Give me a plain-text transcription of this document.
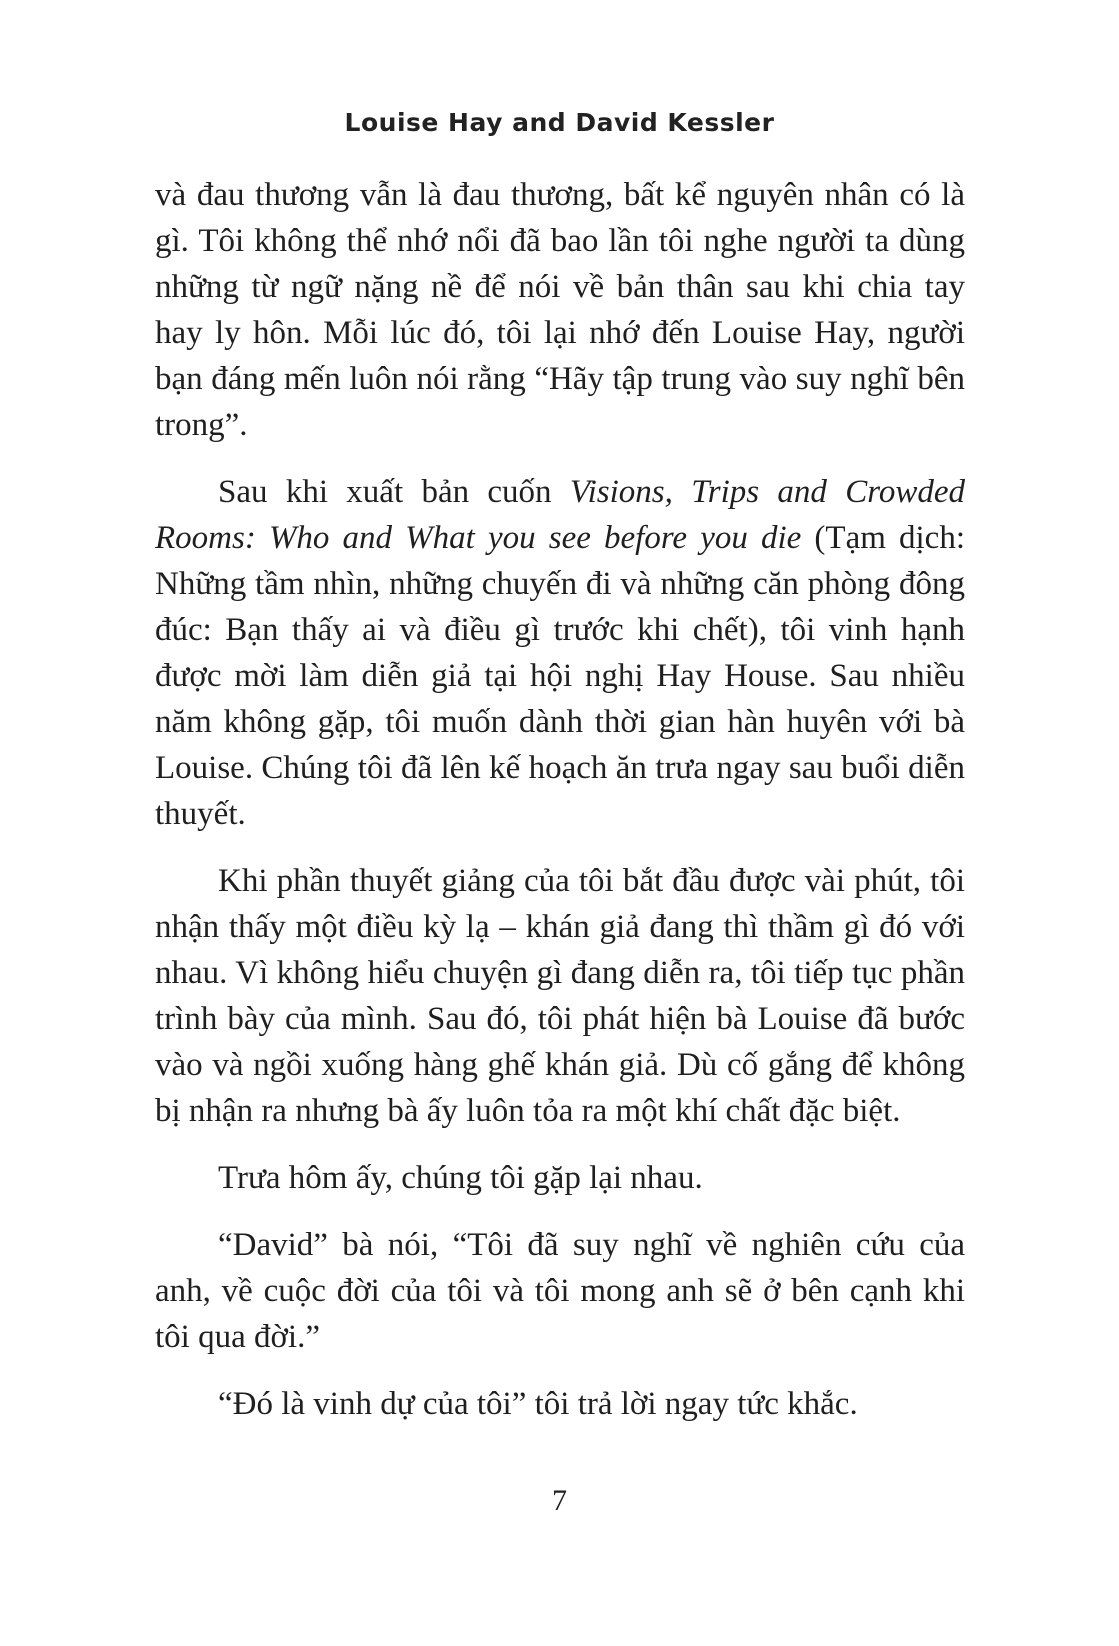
Louise Hay and David Kessler

và đau thương vẫn là đau thương, bất kể nguyên nhân có là gì. Tôi không thể nhớ nổi đã bao lần tôi nghe người ta dùng những từ ngữ nặng nề để nói về bản thân sau khi chia tay hay ly hôn. Mỗi lúc đó, tôi lại nhớ đến Louise Hay, người bạn đáng mến luôn nói rằng “Hãy tập trung vào suy nghĩ bên trong”.

Sau khi xuất bản cuốn Visions, Trips and Crowded Rooms: Who and What you see before you die (Tạm dịch: Những tầm nhìn, những chuyến đi và những căn phòng đông đúc: Bạn thấy ai và điều gì trước khi chết), tôi vinh hạnh được mời làm diễn giả tại hội nghị Hay House. Sau nhiều năm không gặp, tôi muốn dành thời gian hàn huyên với bà Louise. Chúng tôi đã lên kế hoạch ăn trưa ngay sau buổi diễn thuyết.

Khi phần thuyết giảng của tôi bắt đầu được vài phút, tôi nhận thấy một điều kỳ lạ – khán giả đang thì thầm gì đó với nhau. Vì không hiểu chuyện gì đang diễn ra, tôi tiếp tục phần trình bày của mình. Sau đó, tôi phát hiện bà Louise đã bước vào và ngồi xuống hàng ghế khán giả. Dù cố gắng để không bị nhận ra nhưng bà ấy luôn tỏa ra một khí chất đặc biệt.

Trưa hôm ấy, chúng tôi gặp lại nhau.

“David” bà nói, “Tôi đã suy nghĩ về nghiên cứu của anh, về cuộc đời của tôi và tôi mong anh sẽ ở bên cạnh khi tôi qua đời.”

“Đó là vinh dự của tôi” tôi trả lời ngay tức khắc.

7
